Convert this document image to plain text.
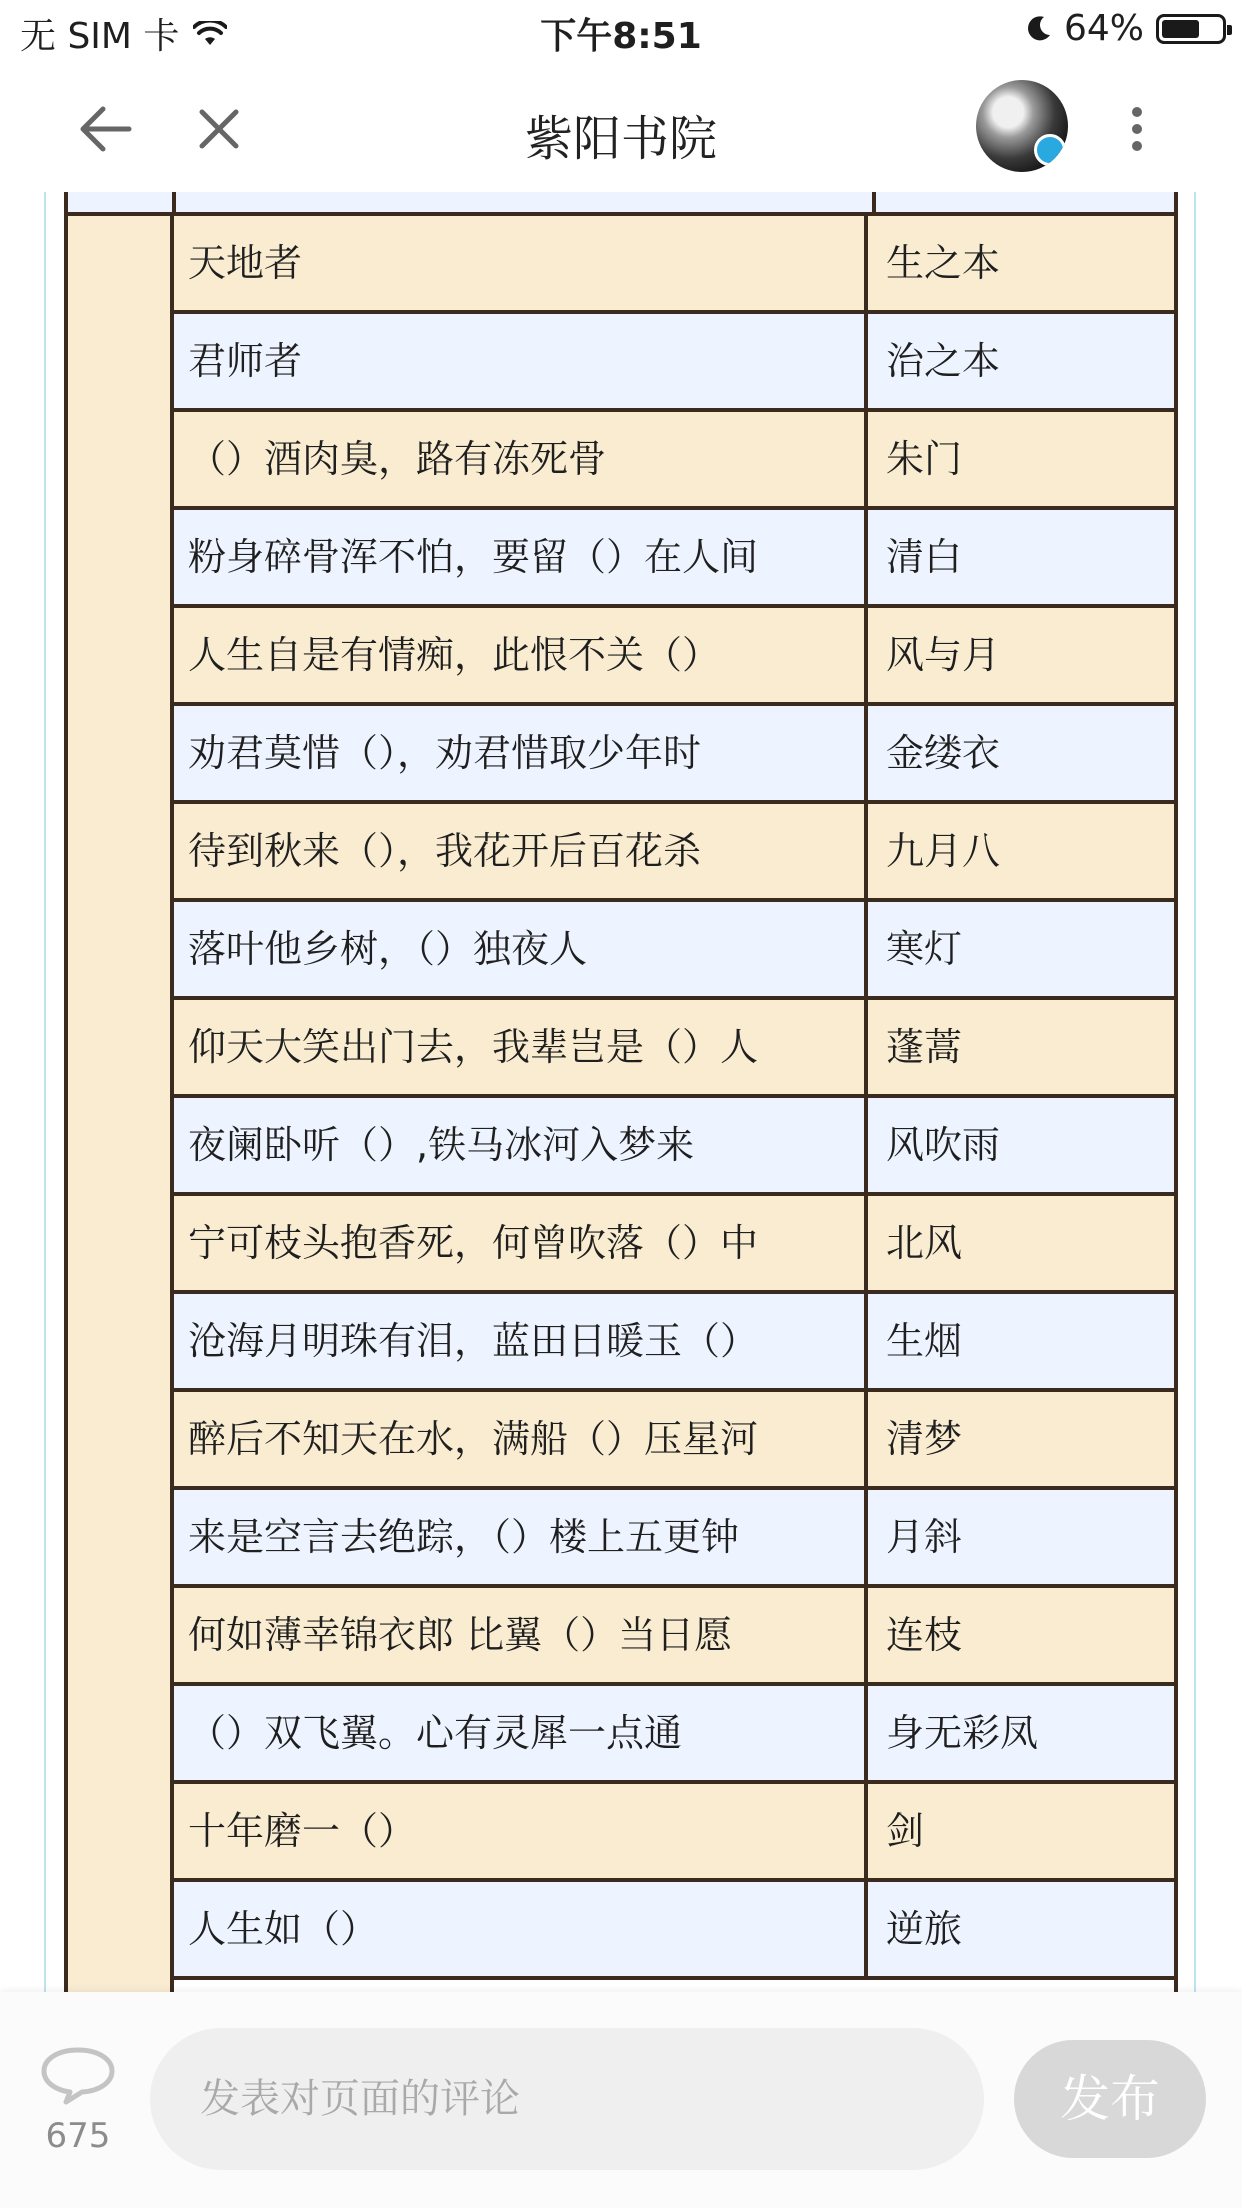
无 SIM 卡	下午8:51	64%
紫阳书院
天地者	生之本
君师者	治之本
（）酒肉臭，路有冻死骨	朱门
粉身碎骨浑不怕，要留（）在人间	清白
人生自是有情痴，此恨不关（）	风与月
劝君莫惜（），劝君惜取少年时	金缕衣
待到秋来（），我花开后百花杀	九月八
落叶他乡树，（）独夜人	寒灯
仰天大笑出门去，我辈岂是（）人	蓬蒿
夜阑卧听（）,铁马冰河入梦来	风吹雨
宁可枝头抱香死，何曾吹落（）中	北风
沧海月明珠有泪，蓝田日暖玉（）	生烟
醉后不知天在水，满船（）压星河	清梦
来是空言去绝踪，（）楼上五更钟	月斜
何如薄幸锦衣郎 比翼（）当日愿	连枝
（）双飞翼。心有灵犀一点通	身无彩凤
十年磨一（）	剑
人生如（）	逆旅
675
发表对页面的评论	发布
